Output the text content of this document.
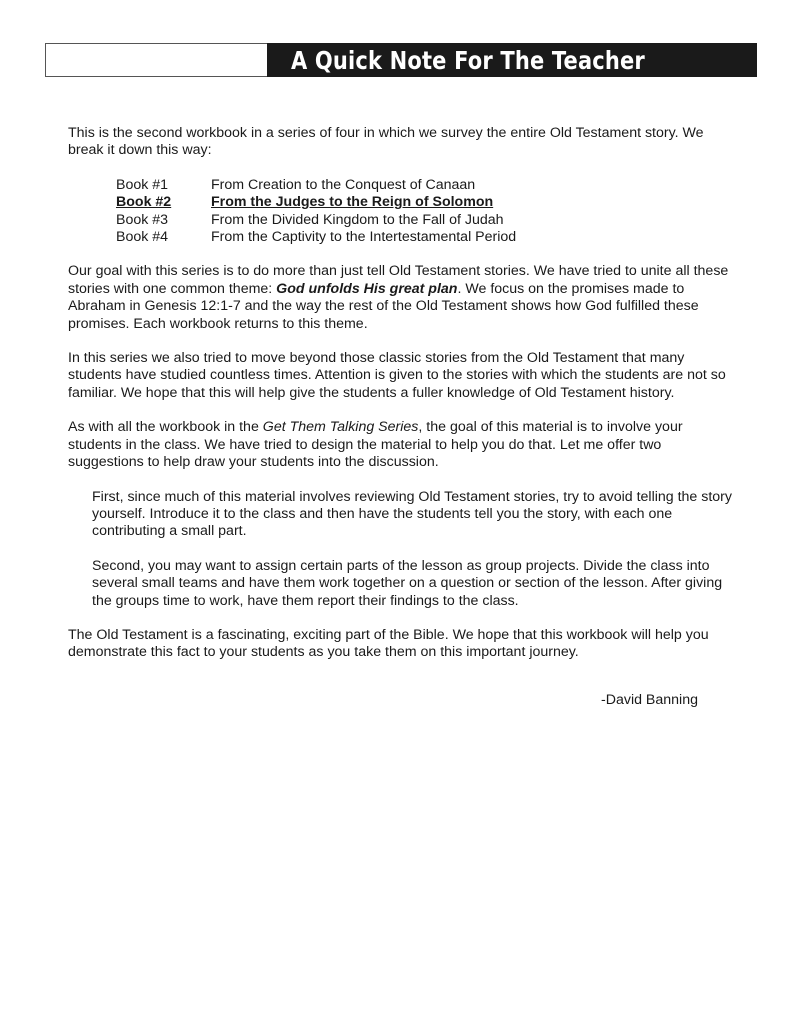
A Quick Note For The Teacher

This is the second workbook in a series of four in which we survey the entire Old Testament story. We break it down this way:

Book #1	From Creation to the Conquest of Canaan
Book #2	From the Judges to the Reign of Solomon
Book #3	From the Divided Kingdom to the Fall of Judah
Book #4	From the Captivity to the Intertestamental Period

Our goal with this series is to do more than just tell Old Testament stories. We have tried to unite all these stories with one common theme: God unfolds His great plan. We focus on the promises made to Abraham in Genesis 12:1-7 and the way the rest of the Old Testament shows how God fulfilled these promises. Each workbook returns to this theme.

In this series we also tried to move beyond those classic stories from the Old Testament that many students have studied countless times. Attention is given to the stories with which the students are not so familiar. We hope that this will help give the students a fuller knowledge of Old Testament history.

As with all the workbook in the Get Them Talking Series, the goal of this material is to involve your students in the class. We have tried to design the material to help you do that. Let me offer two suggestions to help draw your students into the discussion.

First, since much of this material involves reviewing Old Testament stories, try to avoid telling the story yourself. Introduce it to the class and then have the students tell you the story, with each one contributing a small part.

Second, you may want to assign certain parts of the lesson as group projects. Divide the class into several small teams and have them work together on a question or section of the lesson. After giving the groups time to work, have them report their findings to the class.

The Old Testament is a fascinating, exciting part of the Bible. We hope that this workbook will help you demonstrate this fact to your students as you take them on this important journey.

-David Banning
